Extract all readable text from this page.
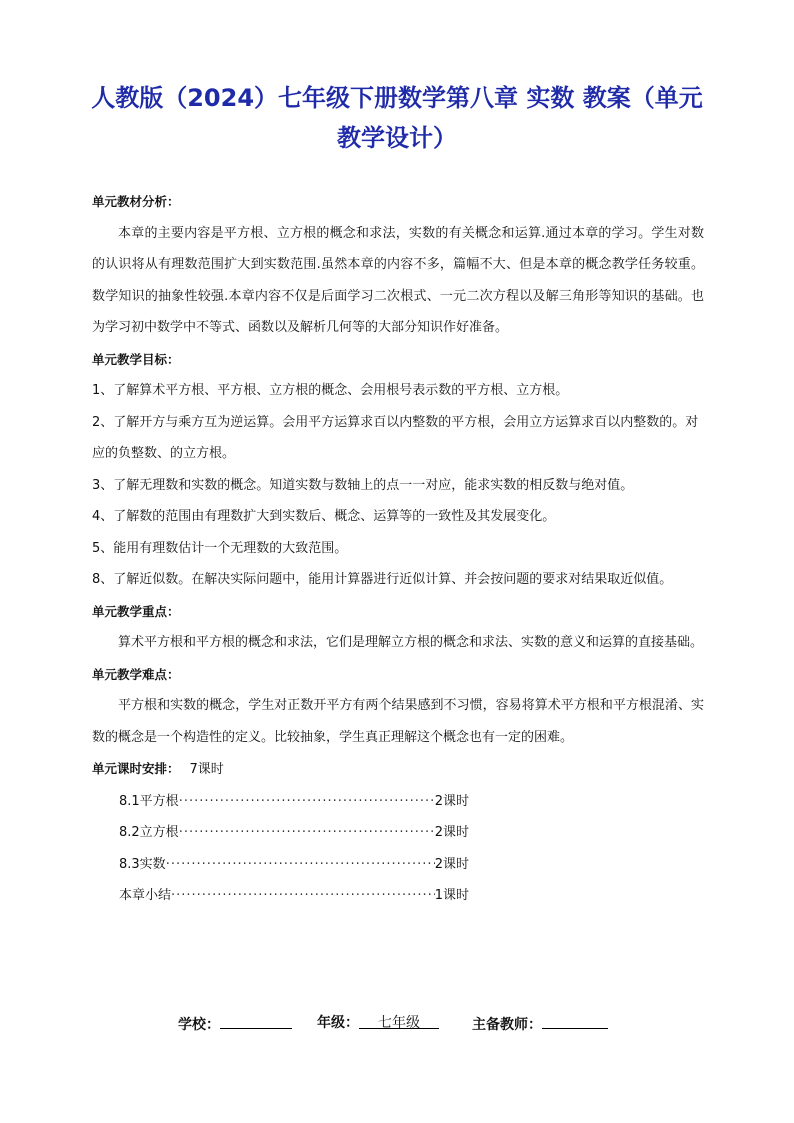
人教版（2024）七年级下册数学第八章 实数 教案（单元教学设计）
单元教材分析：
本章的主要内容是平方根、立方根的概念和求法，实数的有关概念和运算.通过本章的学习。学生对数的认识将从有理数范围扩大到实数范围.虽然本章的内容不多，篇幅不大、但是本章的概念教学任务较重。数学知识的抽象性较强.本章内容不仅是后面学习二次根式、一元二次方程以及解三角形等知识的基础。也为学习初中数学中不等式、函数以及解析几何等的大部分知识作好准备。
单元教学目标：
1、了解算术平方根、平方根、立方根的概念、会用根号表示数的平方根、立方根。
2、了解开方与乘方互为逆运算。会用平方运算求百以内整数的平方根，会用立方运算求百以内整数的。对应的负整数、的立方根。
3、了解无理数和实数的概念。知道实数与数轴上的点一一对应，能求实数的相反数与绝对值。
4、了解数的范围由有理数扩大到实数后、概念、运算等的一致性及其发展变化。
5、能用有理数估计一个无理数的大致范围。
8、了解近似数。在解决实际问题中，能用计算器进行近似计算、并会按问题的要求对结果取近似值。
单元教学重点：
算术平方根和平方根的概念和求法，它们是理解立方根的概念和求法、实数的意义和运算的直接基础。
单元教学难点：
平方根和实数的概念，学生对正数开平方有两个结果感到不习惯，容易将算术平方根和平方根混淆、实数的概念是一个构造性的定义。比较抽象，学生真正理解这个概念也有一定的困难。
单元课时安排： 7课时
8.1平方根 ·····	2课时
8.2立方根 ·····	2课时
8.3实数 ·····	2课时
本章小结 ·····	1课时
学校：	年级：	七年级	主备教师：
